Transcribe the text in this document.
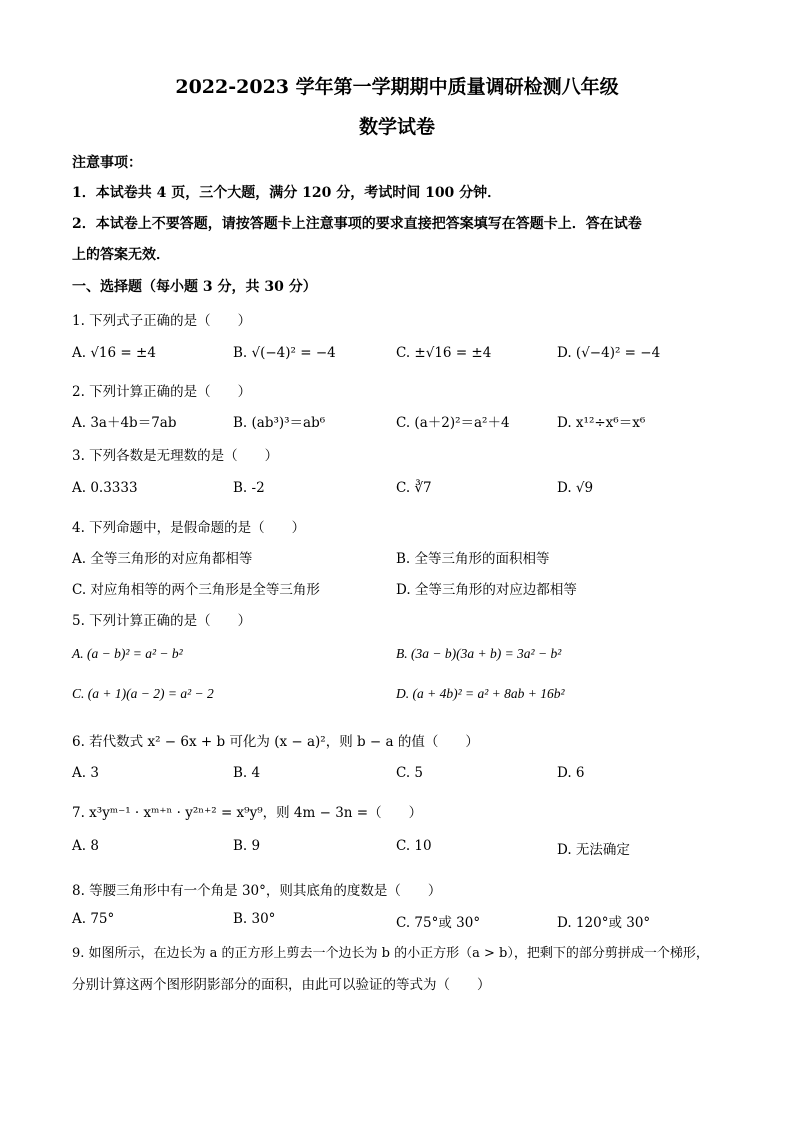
2022-2023 学年第一学期期中质量调研检测八年级
数学试卷
注意事项：
1．本试卷共 4 页，三个大题，满分 120 分，考试时间 100 分钟．
2．本试卷上不要答题，请按答题卡上注意事项的要求直接把答案填写在答题卡上．答在试卷
上的答案无效．
一、选择题（每小题 3 分，共 30 分）
1. 下列式子正确的是（　　）
A. √16 = ±4	B. √(−4)² = −4	C. ±√16 = ±4	D. (√−4)² = −4
2. 下列计算正确的是（　　）
A. 3a＋4b＝7ab	B. (ab³)³＝ab⁶	C. (a＋2)²＝a²＋4	D. x¹²÷x⁶＝x⁶
3. 下列各数是无理数的是（　　）
A. 0.3333	B. -2	C. ∛7	D. √9
4. 下列命题中，是假命题的是（　　）
A. 全等三角形的对应角都相等	B. 全等三角形的面积相等
C. 对应角相等的两个三角形是全等三角形	D. 全等三角形的对应边都相等
5. 下列计算正确的是（　　）
A. (a − b)² = a² − b²	B. (3a − b)(3a + b) = 3a² − b²
C. (a + 1)(a − 2) = a² − 2	D. (a + 4b)² = a² + 8ab + 16b²
6. 若代数式 x² − 6x + b 可化为 (x − a)²，则 b − a 的值（　　）
A. 3	B. 4	C. 5	D. 6
7. x³yᵐ⁻¹ · xᵐ⁺ⁿ · y²ⁿ⁺² = x⁹y⁹，则 4m − 3n =（　　）
A. 8	B. 9	C. 10	D. 无法确定
8. 等腰三角形中有一个角是 30°，则其底角的度数是（　　）
A. 75°	B. 30°	C. 75°或 30°	D. 120°或 30°
9. 如图所示，在边长为 a 的正方形上剪去一个边长为 b 的小正方形（a > b），把剩下的部分剪拼成一个梯形，
分别计算这两个图形阴影部分的面积，由此可以验证的等式为（　　）
